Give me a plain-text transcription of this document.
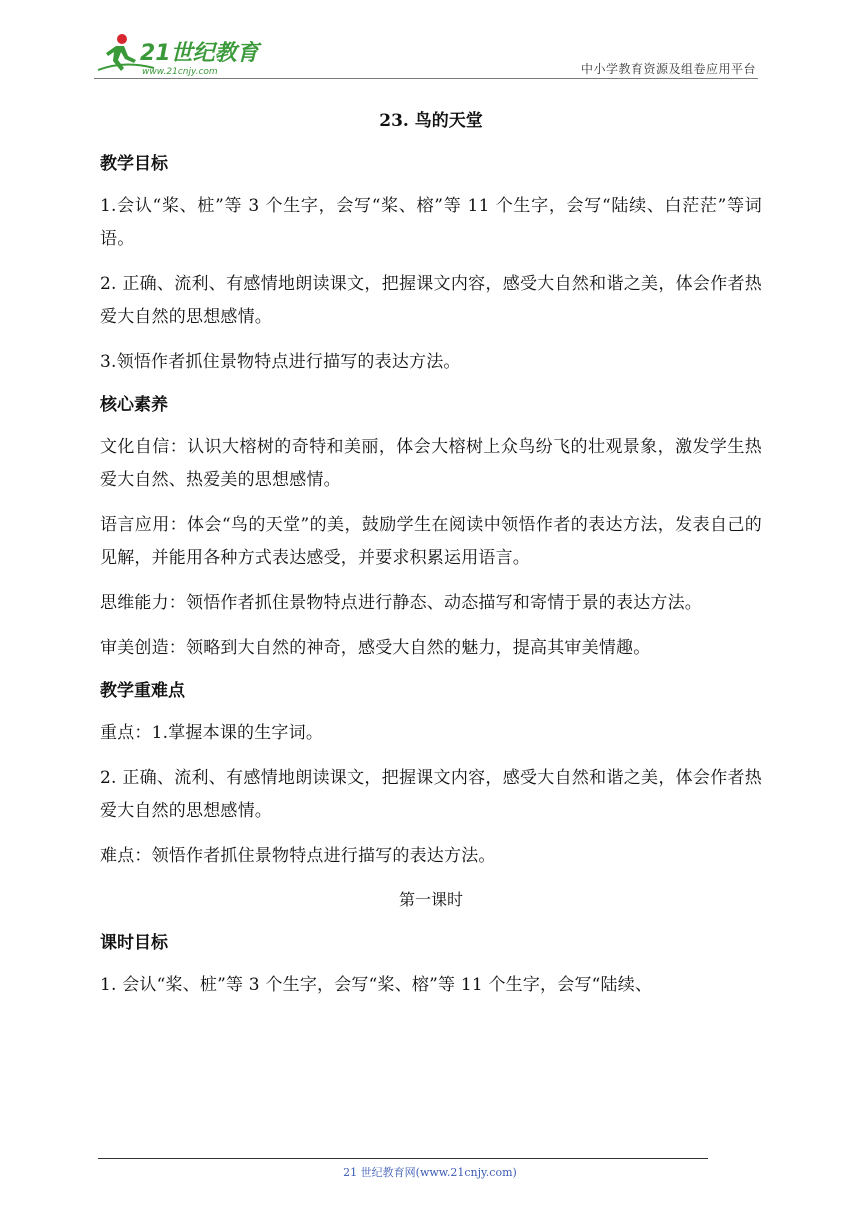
21世纪教育
www.21cnjy.com	中小学教育资源及组卷应用平台
23. 鸟的天堂
教学目标

1.会认“桨、桩”等 3 个生字，会写“桨、榕”等 11 个生字，会写“陆续、白茫茫”等词语。

2. 正确、流利、有感情地朗读课文，把握课文内容，感受大自然和谐之美，体会作者热爱大自然的思想感情。

3.领悟作者抓住景物特点进行描写的表达方法。

核心素养

文化自信：认识大榕树的奇特和美丽，体会大榕树上众鸟纷飞的壮观景象，激发学生热爱大自然、热爱美的思想感情。

语言应用：体会“鸟的天堂”的美，鼓励学生在阅读中领悟作者的表达方法，发表自己的见解，并能用各种方式表达感受，并要求积累运用语言。

思维能力：领悟作者抓住景物特点进行静态、动态描写和寄情于景的表达方法。

审美创造：领略到大自然的神奇，感受大自然的魅力，提高其审美情趣。

教学重难点

重点：1.掌握本课的生字词。

2. 正确、流利、有感情地朗读课文，把握课文内容，感受大自然和谐之美，体会作者热爱大自然的思想感情。

难点：领悟作者抓住景物特点进行描写的表达方法。

第一课时
课时目标

1. 会认“桨、桩”等 3 个生字，会写“桨、榕”等 11 个生字，会写“陆续、

21 世纪教育网(www.21cnjy.com)
